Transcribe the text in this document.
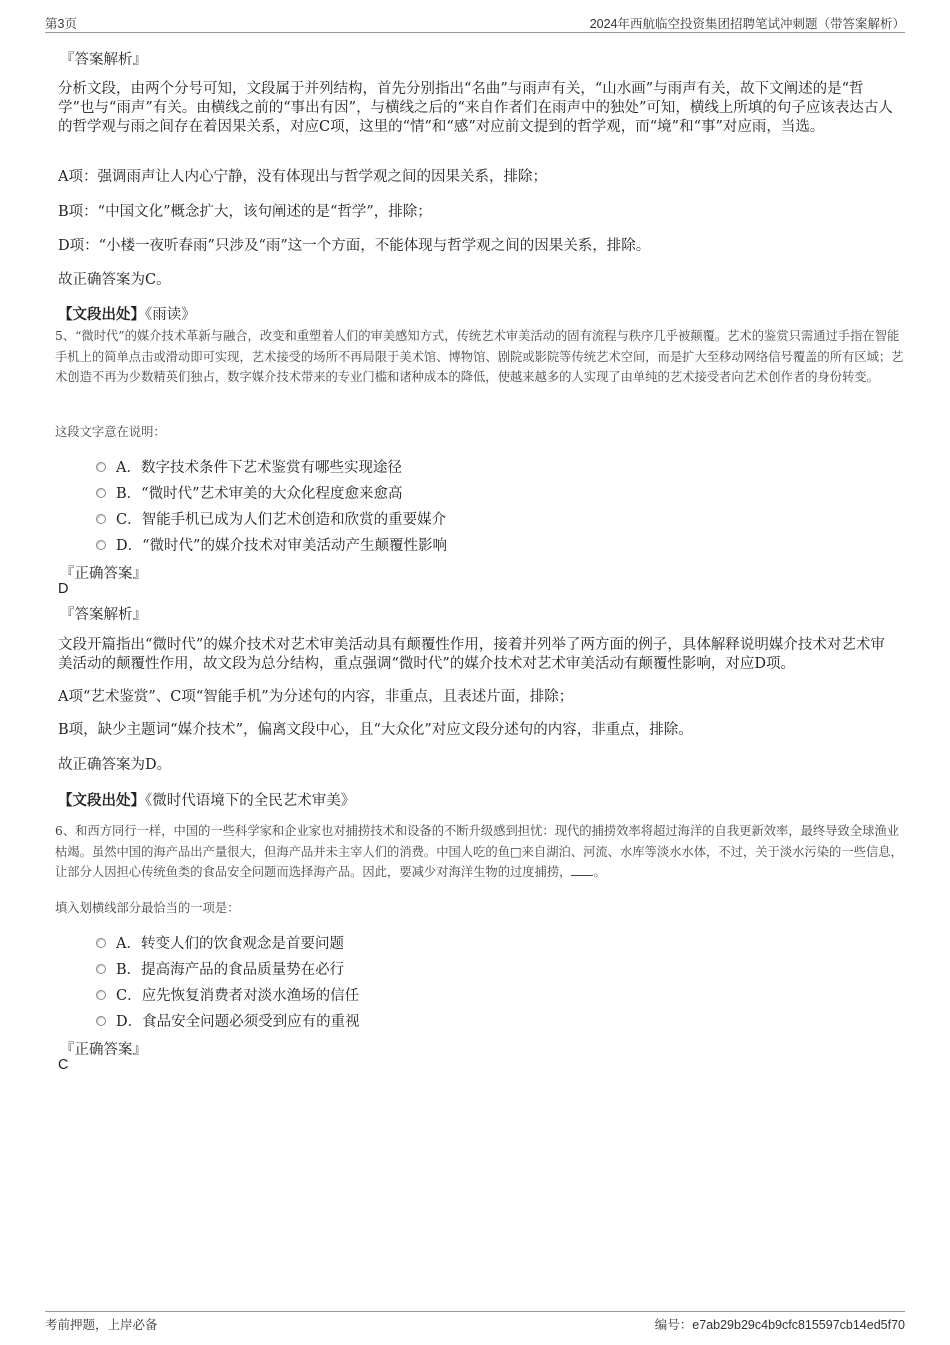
第3页	2024年西航临空投资集团招聘笔试冲刺题（带答案解析）
『答案解析』

分析文段，由两个分号可知，文段属于并列结构，首先分别指出“名曲”与雨声有关，“山水画”与雨声有关，故下文阐述的是“哲学”也与“雨声”有关。由横线之前的“事出有因”，与横线之后的“来自作者们在雨声中的独处”可知，横线上所填的句子应该表达古人的哲学观与雨之间存在着因果关系，对应C项，这里的“情”和“感”对应前文提到的哲学观，而“境”和“事”对应雨，当选。

A项：强调雨声让人内心宁静，没有体现出与哲学观之间的因果关系，排除；

B项：“中国文化”概念扩大，该句阐述的是“哲学”，排除；

D项：“小楼一夜听春雨”只涉及“雨”这一个方面，不能体现与哲学观之间的因果关系，排除。

故正确答案为C。

【文段出处】《雨读》

5、“微时代”的媒介技术革新与融合，改变和重塑着人们的审美感知方式，传统艺术审美活动的固有流程与秩序几乎被颠覆。艺术的鉴赏只需通过手指在智能手机上的简单点击或滑动即可实现，艺术接受的场所不再局限于美术馆、博物馆、剧院或影院等传统艺术空间，而是扩大至移动网络信号覆盖的所有区域；艺术创造不再为少数精英们独占，数字媒介技术带来的专业门槛和诸种成本的降低，使越来越多的人实现了由单纯的艺术接受者向艺术创作者的身份转变。

这段文字意在说明：
A．数字技术条件下艺术鉴赏有哪些实现途径
B．“微时代”艺术审美的大众化程度愈来愈高
C．智能手机已成为人们艺术创造和欣赏的重要媒介
D．“微时代”的媒介技术对审美活动产生颠覆性影响
『正确答案』
D
『答案解析』

文段开篇指出“微时代”的媒介技术对艺术审美活动具有颠覆性作用，接着并列举了两方面的例子，具体解释说明媒介技术对艺术审美活动的颠覆性作用，故文段为总分结构，重点强调“微时代”的媒介技术对艺术审美活动有颠覆性影响，对应D项。

A项“艺术鉴赏”、C项“智能手机”为分述句的内容，非重点，且表述片面，排除；

B项，缺少主题词“媒介技术”，偏离文段中心，且“大众化”对应文段分述句的内容，非重点，排除。

故正确答案为D。

【文段出处】《微时代语境下的全民艺术审美》

6、和西方同行一样，中国的一些科学家和企业家也对捕捞技术和设备的不断升级感到担忧：现代的捕捞效率将超过海洋的自我更新效率，最终导致全球渔业枯竭。虽然中国的海产品出产量很大，但海产品并未主宰人们的消费。中国人吃的鱼□来自湖泊、河流、水库等淡水水体，不过，关于淡水污染的一些信息，让部分人因担心传统鱼类的食品安全问题而选择海产品。因此，要减少对海洋生物的过度捕捞， 。

填入划横线部分最恰当的一项是：
A．转变人们的饮食观念是首要问题
B．提高海产品的食品质量势在必行
C．应先恢复消费者对淡水渔场的信任
D．食品安全问题必须受到应有的重视
『正确答案』
C
考前押题，上岸必备	编号：e7ab29b29c4b9cfc815597cb14ed5f70
